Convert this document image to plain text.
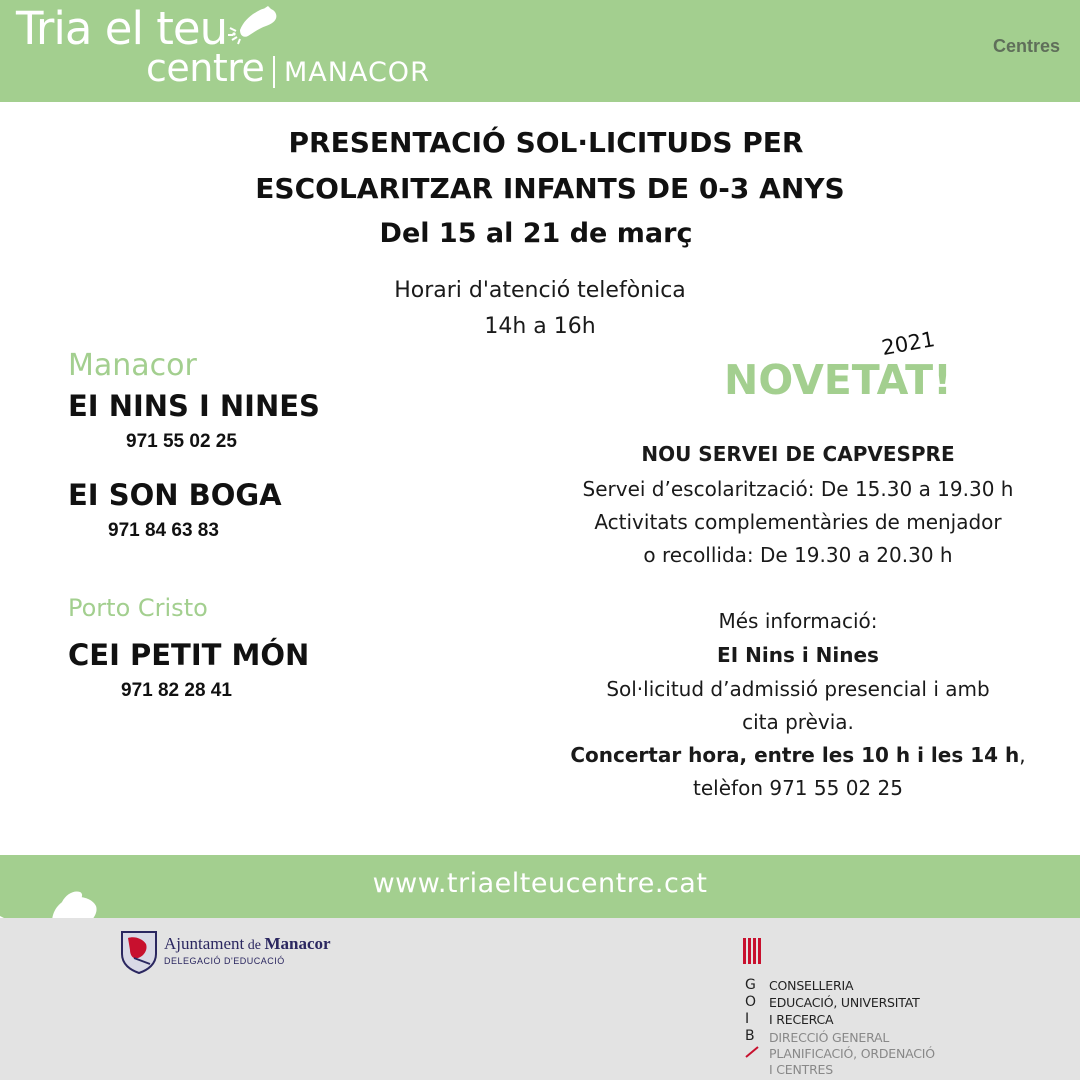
Tria el teu
centre MANACOR
Centres
PRESENTACIÓ SOL·LICITUDS PER
ESCOLARITZAR INFANTS DE 0-3 ANYS
Del 15 al 21 de març
Horari d'atenció telefònica
14h a 16h
Manacor
EI NINS I NINES
971 55 02 25
EI SON BOGA
971 84 63 83
Porto Cristo
CEI PETIT MÓN
971 82 28 41
NOVETAT!
2021
NOU SERVEI DE CAPVESPRE
Servei d’escolarització: De 15.30 a 19.30 h
Activitats complementàries de menjador
o recollida: De 19.30 a 20.30 h
Més informació:
EI Nins i Nines
Sol·licitud d’admissió presencial i amb
cita prèvia.
Concertar hora, entre les 10 h i les 14 h,
telèfon 971 55 02 25
www.triaelteucentre.cat
Ajuntament de Manacor
DELEGACIÓ D'EDUCACIÓ
G
O
I
B
CONSELLERIA
EDUCACIÓ, UNIVERSITAT
I RECERCA
DIRECCIÓ GENERAL
PLANIFICACIÓ, ORDENACIÓ
I CENTRES
